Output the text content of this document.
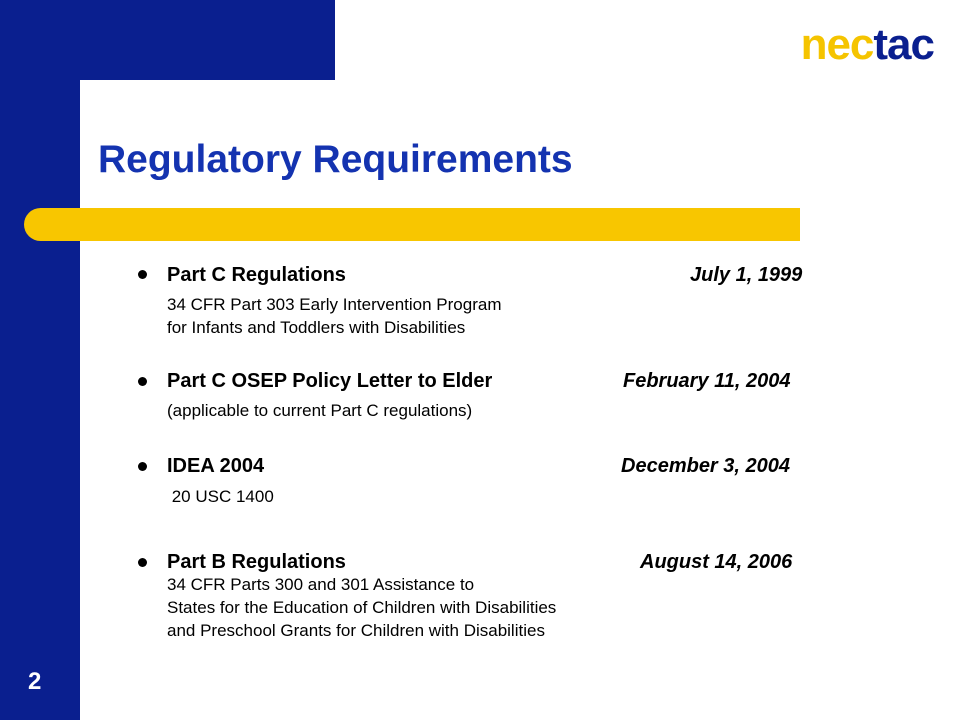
nectac
Regulatory Requirements
Part C Regulations	July 1, 1999
34 CFR Part 303 Early Intervention Program
for Infants and Toddlers with Disabilities
Part C OSEP Policy Letter to Elder	February 11, 2004
(applicable to current Part C regulations)
IDEA 2004	December 3, 2004
20 USC 1400
Part B Regulations	August 14, 2006
34 CFR Parts 300 and 301 Assistance to
States for the Education of Children with Disabilities
and Preschool Grants for Children with Disabilities
2
